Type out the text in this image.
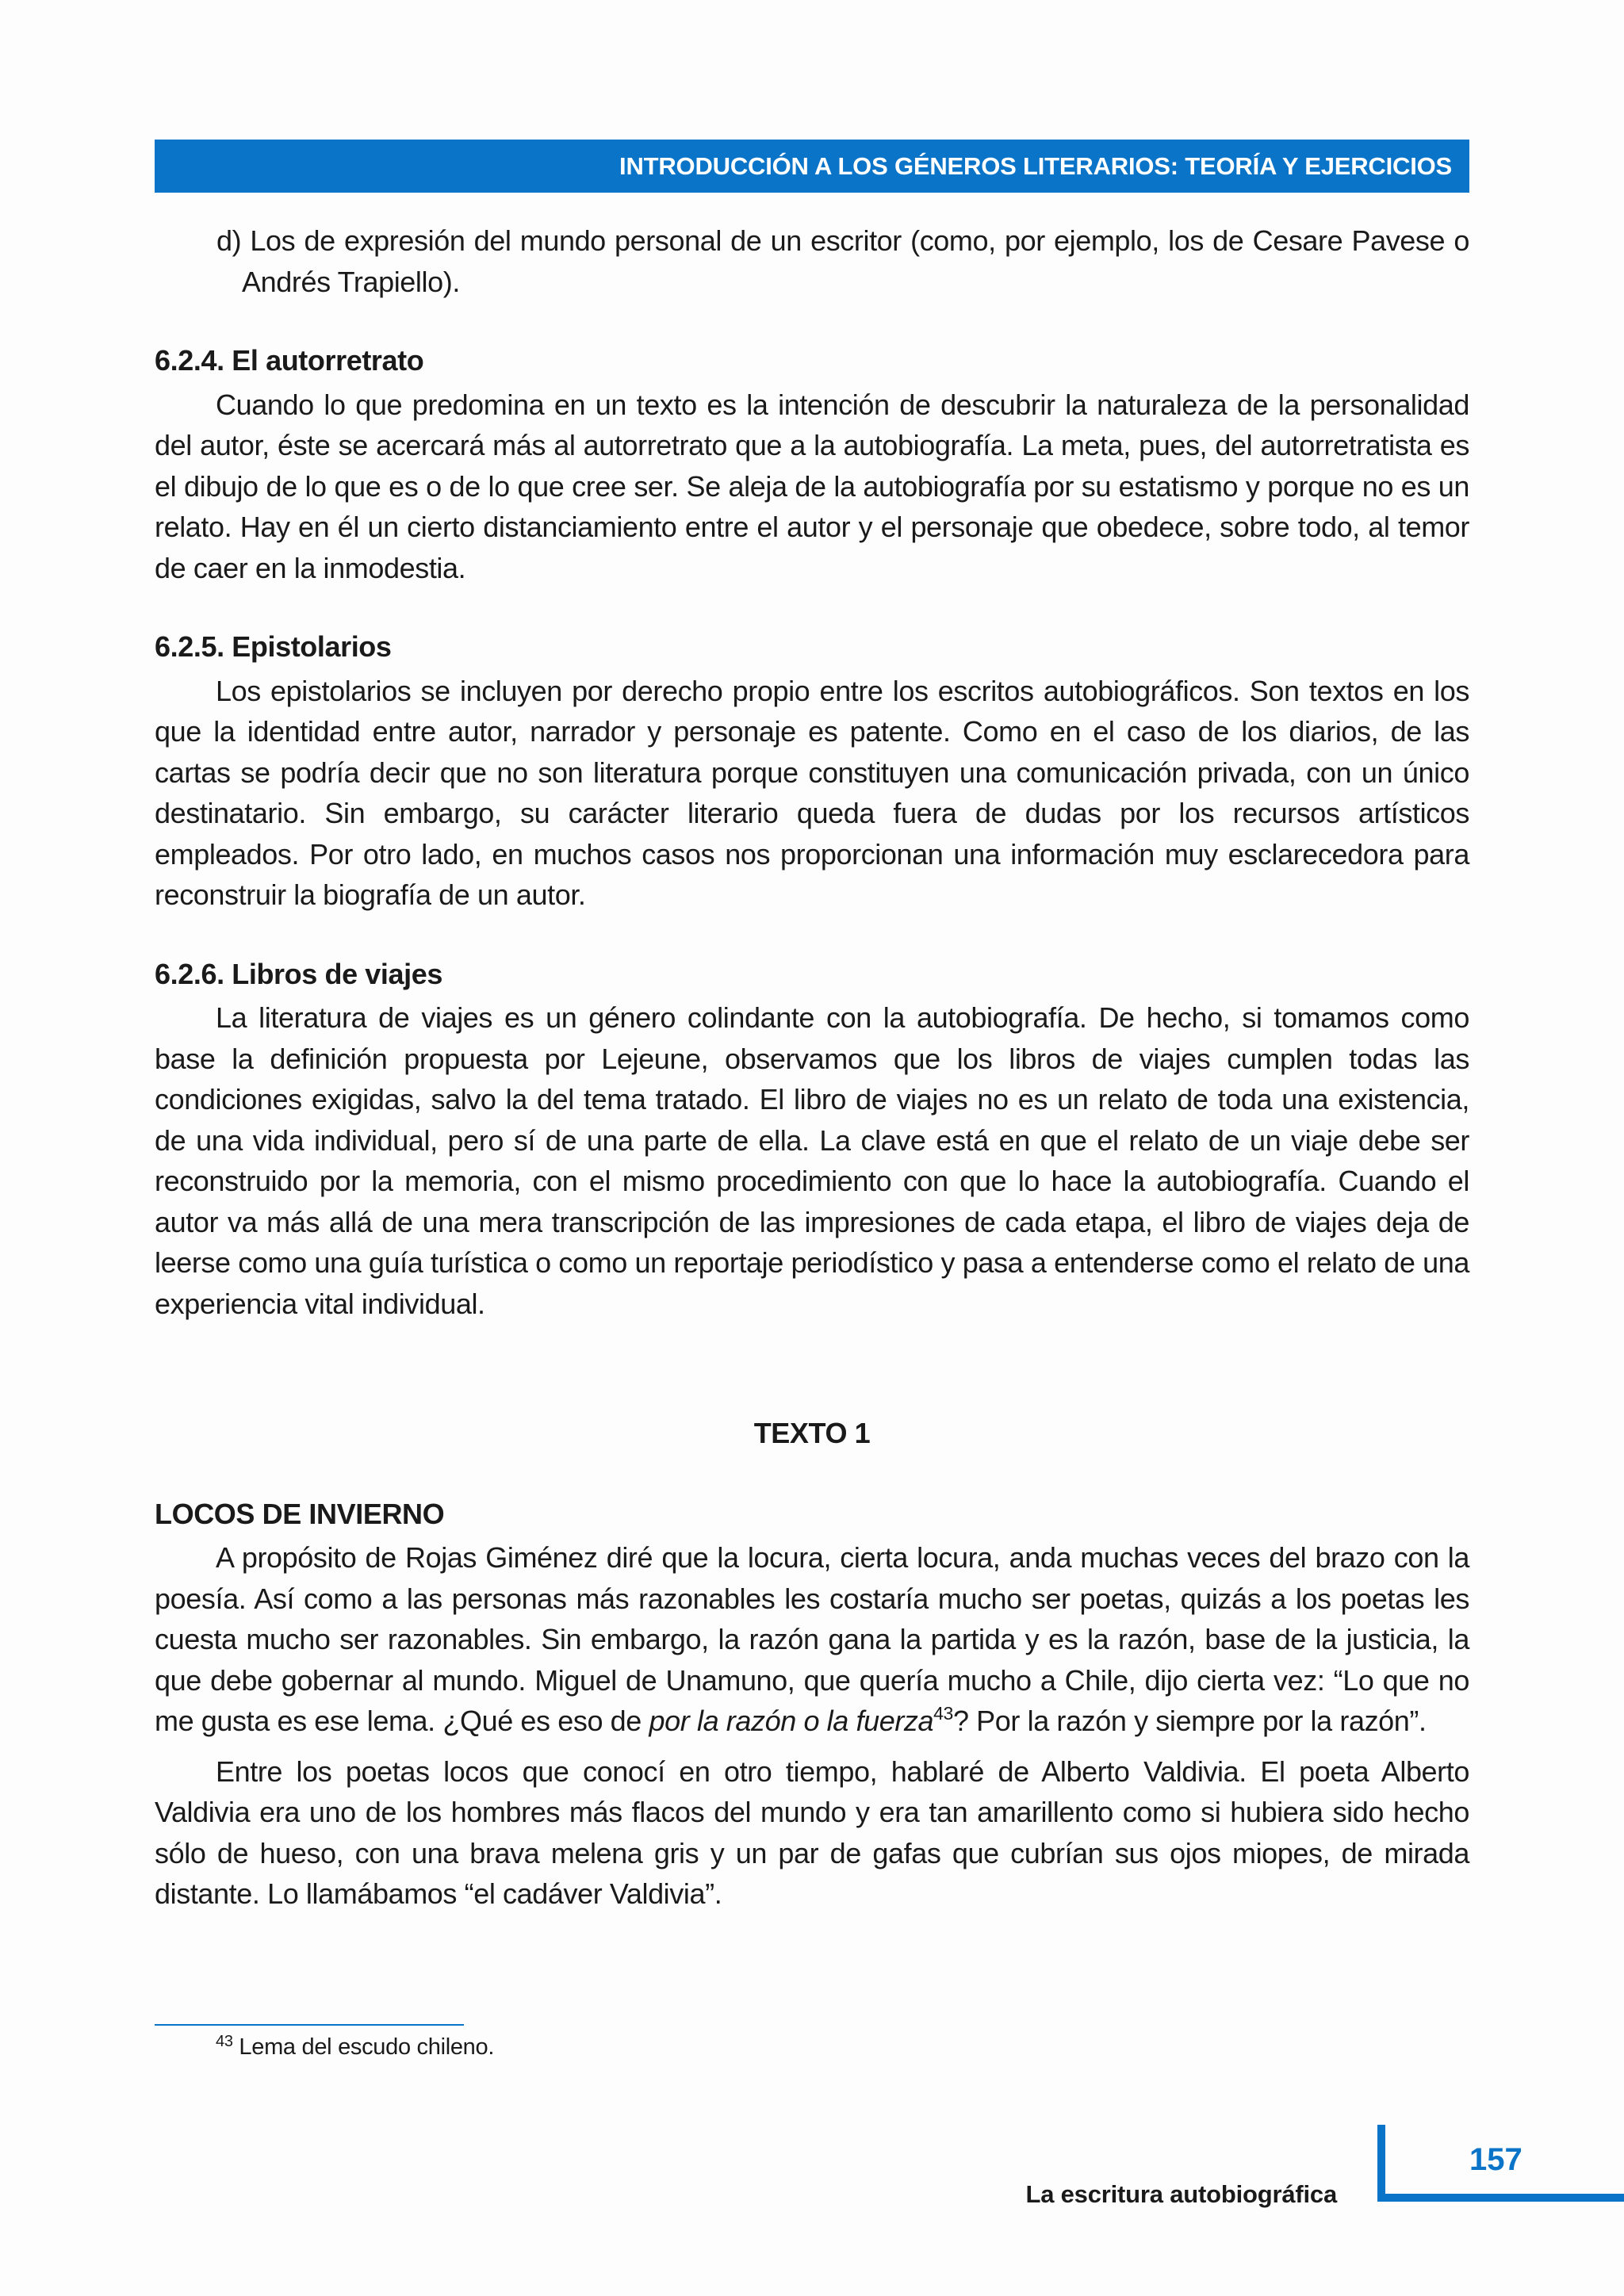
INTRODUCCIÓN A LOS GÉNEROS LITERARIOS: TEORÍA Y EJERCICIOS

d) Los de expresión del mundo personal de un escritor (como, por ejemplo, los de Cesare Pavese o Andrés Trapiello).

6.2.4. El autorretrato

Cuando lo que predomina en un texto es la intención de descubrir la naturaleza de la personalidad del autor, éste se acercará más al autorretrato que a la autobiografía. La meta, pues, del autorretratista es el dibujo de lo que es o de lo que cree ser. Se aleja de la autobiografía por su estatismo y porque no es un relato. Hay en él un cierto distanciamiento entre el autor y el personaje que obedece, sobre todo, al temor de caer en la inmodestia.

6.2.5. Epistolarios

Los epistolarios se incluyen por derecho propio entre los escritos autobiográficos. Son textos en los que la identidad entre autor, narrador y personaje es patente. Como en el caso de los diarios, de las cartas se podría decir que no son literatura porque constituyen una comunicación privada, con un único destinatario. Sin embargo, su carácter literario queda fuera de dudas por los recursos artísticos empleados. Por otro lado, en muchos casos nos proporcionan una información muy esclarecedora para reconstruir la biografía de un autor.

6.2.6. Libros de viajes

La literatura de viajes es un género colindante con la autobiografía. De hecho, si tomamos como base la definición propuesta por Lejeune, observamos que los libros de viajes cumplen todas las condiciones exigidas, salvo la del tema tratado. El libro de viajes no es un relato de toda una existencia, de una vida individual, pero sí de una parte de ella. La clave está en que el relato de un viaje debe ser reconstruido por la memoria, con el mismo procedimiento con que lo hace la autobiografía. Cuando el autor va más allá de una mera transcripción de las impresiones de cada etapa, el libro de viajes deja de leerse como una guía turística o como un reportaje periodístico y pasa a entenderse como el relato de una experiencia vital individual.

TEXTO 1
LOCOS DE INVIERNO

A propósito de Rojas Giménez diré que la locura, cierta locura, anda muchas veces del brazo con la poesía. Así como a las personas más razonables les costaría mucho ser poetas, quizás a los poetas les cuesta mucho ser razonables. Sin embargo, la razón gana la partida y es la razón, base de la justicia, la que debe gobernar al mundo. Miguel de Unamuno, que quería mucho a Chile, dijo cierta vez: “Lo que no me gusta es ese lema. ¿Qué es eso de por la razón o la fuerza$^{43}$? Por la razón y siempre por la razón”.

Entre los poetas locos que conocí en otro tiempo, hablaré de Alberto Valdivia. El poeta Alberto Valdivia era uno de los hombres más flacos del mundo y era tan amarillento como si hubiera sido hecho sólo de hueso, con una brava melena gris y un par de gafas que cubrían sus ojos miopes, de mirada distante. Lo llamábamos “el cadáver Valdivia”.

$^{43}$ Lema del escudo chileno.
157
La escritura autobiográfica
